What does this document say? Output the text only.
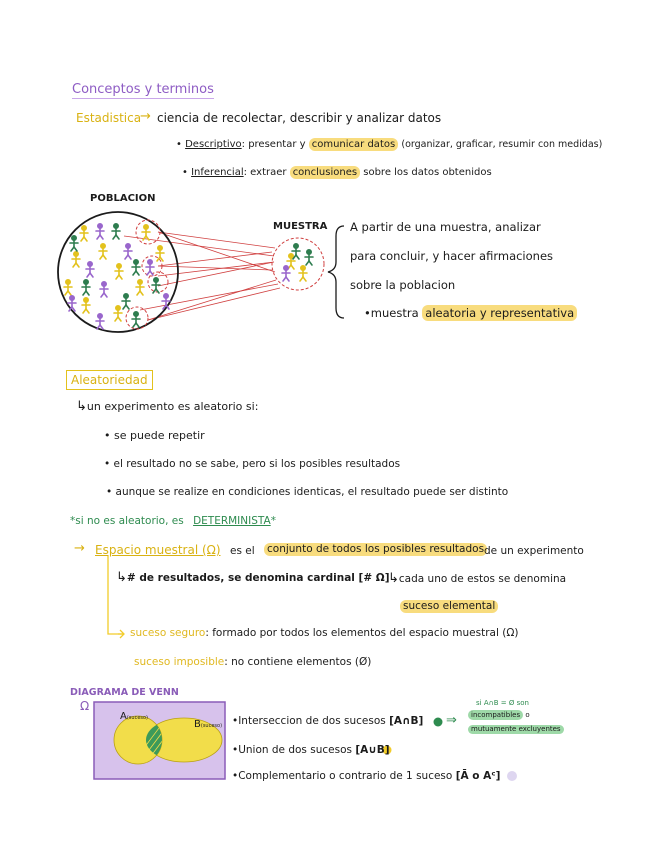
Conceptos y terminos
Estadistica
→ ciencia de recolectar, describir y analizar datos
• Descriptivo: presentar y comunicar datos (organizar, graficar, resumir con medidas)
• Inferencial: extraer conclusiones sobre los datos obtenidos
POBLACION
MUESTRA A partir de una muestra, analizar
para concluir, y hacer afirmaciones
sobre la poblacion
•muestra aleatoria y representativa
Aleatoriedad
↳un experimento es aleatorio si:
• se puede repetir
• el resultado no se sabe, pero si los posibles resultados
• aunque se realize en condiciones identicas, el resultado puede ser distinto
*si no es aleatorio, es DETERMINISTA*
→ Espacio muestral (Ω) es el conjunto de todos los posibles resultados de un experimento
↳# de resultados, se denomina cardinal [# Ω]
↳cada uno de estos se denomina
suceso elemental
suceso seguro: formado por todos los elementos del espacio muestral (Ω)
suceso imposible: no contiene elementos (Ø)
DIAGRAMA DE VENN
Ω
A(suceso)
B(suceso) •Interseccion de dos sucesos [A∩B] ⇒
si A∩B = Ø son
incompatibles o
mutuamente excluyentes
•Union de dos sucesos [A∪B]
•Complementario o contrario de 1 suceso [Ā o Aᶜ]
